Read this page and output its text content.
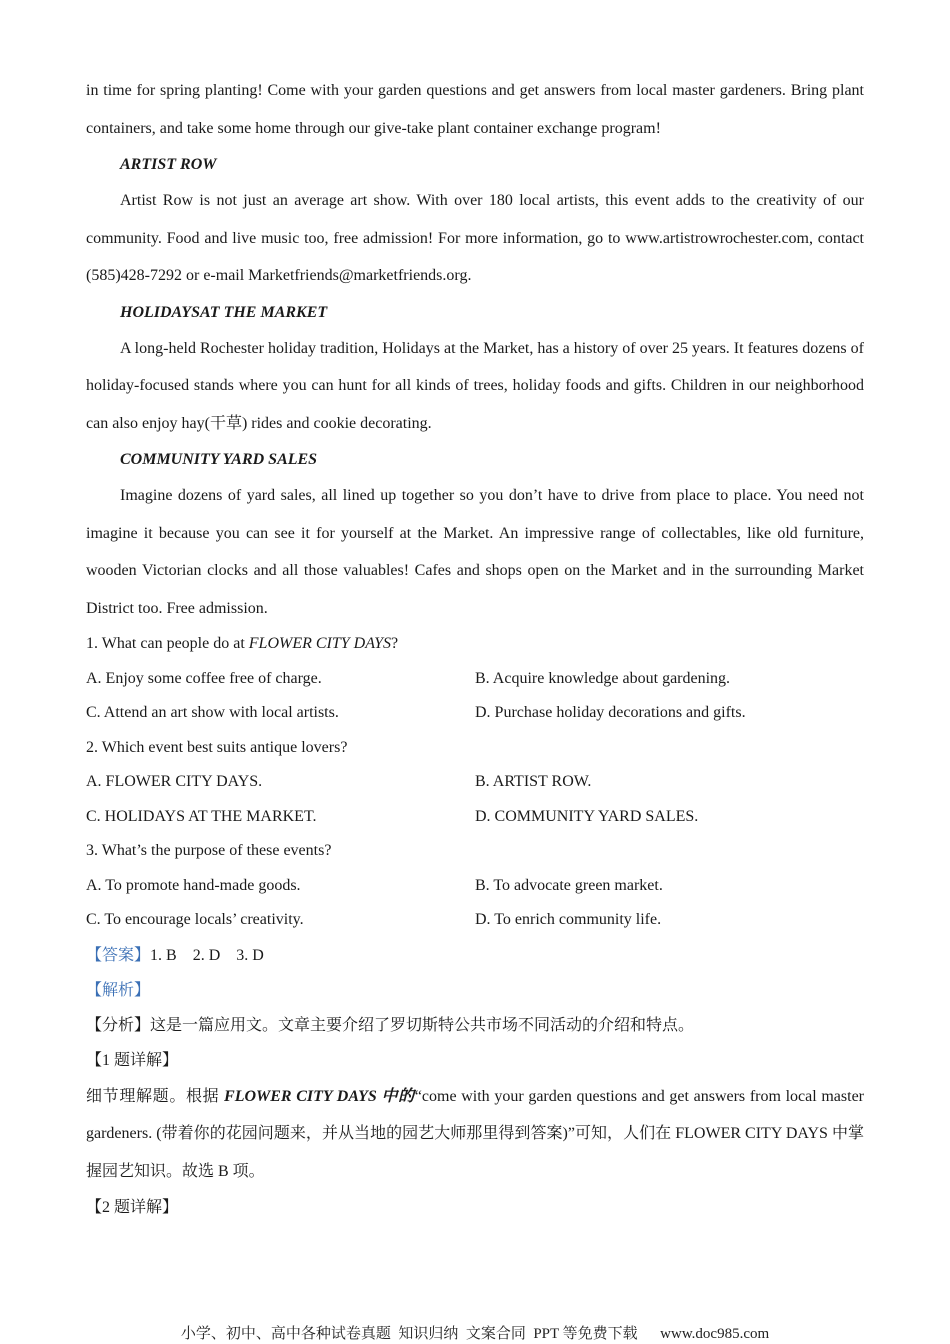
in time for spring planting! Come with your garden questions and get answers from local master gardeners. Bring plant containers, and take some home through our give-take plant container exchange program!

ARTIST ROW

Artist Row is not just an average art show. With over 180 local artists, this event adds to the creativity of our community. Food and live music too, free admission! For more information, go to www.artistrowrochester.com, contact (585)428-7292 or e-mail Marketfriends@marketfriends.org.

HOLIDAYSAT THE MARKET

A long-held Rochester holiday tradition, Holidays at the Market, has a history of over 25 years. It features dozens of holiday-focused stands where you can hunt for all kinds of trees, holiday foods and gifts. Children in our neighborhood can also enjoy hay(干草) rides and cookie decorating.

COMMUNITY YARD SALES

Imagine dozens of yard sales, all lined up together so you don’t have to drive from place to place. You need not imagine it because you can see it for yourself at the Market. An impressive range of collectables, like old furniture, wooden Victorian clocks and all those valuables! Cafes and shops open on the Market and in the surrounding Market District too. Free admission.

1. What can people do at FLOWER CITY DAYS?

A. Enjoy some coffee free of charge.	B. Acquire knowledge about gardening.
C. Attend an art show with local artists.	D. Purchase holiday decorations and gifts.

2. Which event best suits antique lovers?

A. FLOWER CITY DAYS.	B. ARTIST ROW.
C. HOLIDAYS AT THE MARKET.	D. COMMUNITY YARD SALES.

3. What’s the purpose of these events?

A. To promote hand-made goods.	B. To advocate green market.
C. To encourage locals’ creativity.	D. To enrich community life.

【答案】1. B    2. D    3. D

【解析】

【分析】这是一篇应用文。文章主要介绍了罗切斯特公共市场不同活动的介绍和特点。

【1 题详解】

细节理解题。根据 FLOWER CITY DAYS 中的“come with your garden questions and get answers from local master gardeners. (带着你的花园问题来，并从当地的园艺大师那里得到答案)”可知，人们在 FLOWER CITY DAYS 中掌握园艺知识。故选 B 项。

【2 题详解】

小学、初中、高中各种试卷真题  知识归纳  文案合同  PPT 等免费下载      www.doc985.com
